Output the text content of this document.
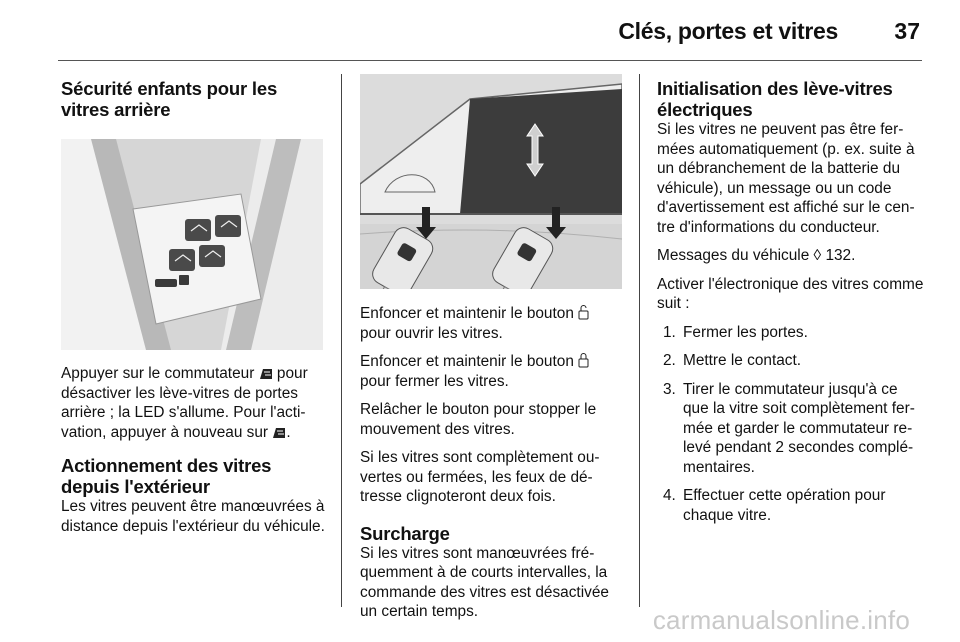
Clés, portes et vitres 37
Sécurité enfants pour les vitres arrière

Appuyer sur le commutateur pour désactiver les lève-vitres de portes arrière ; la LED s'allume. Pour l'acti-vation, appuyer à nouveau sur .

Actionnement des vitres depuis l'extérieur

Les vitres peuvent être manœuvrées à distance depuis l'extérieur du véhicule.

Enfoncer et maintenir le bouton  pour ouvrir les vitres.

Enfoncer et maintenir le bouton  pour fermer les vitres.

Relâcher le bouton pour stopper le mouvement des vitres.

Si les vitres sont complètement ou-vertes ou fermées, les feux de dé-tresse clignoteront deux fois.

Surcharge

Si les vitres sont manœuvrées fré-quemment à de courts intervalles, la commande des vitres est désactivée un certain temps.

Initialisation des lève-vitres électriques

Si les vitres ne peuvent pas être fer-mées automatiquement (p. ex. suite à un débranchement de la batterie du véhicule), un message ou un code d'avertissement est affiché sur le cen-tre d'informations du conducteur.

Messages du véhicule ◊ 132.

Activer l'électronique des vitres comme suit :

1. Fermer les portes.
2. Mettre le contact.
3. Tirer le commutateur jusqu'à ce que la vitre soit complètement fer-mée et garder le commutateur re-levé pendant 2 secondes complé-mentaires.
4. Effectuer cette opération pour chaque vitre.
carmanualsonline.info
